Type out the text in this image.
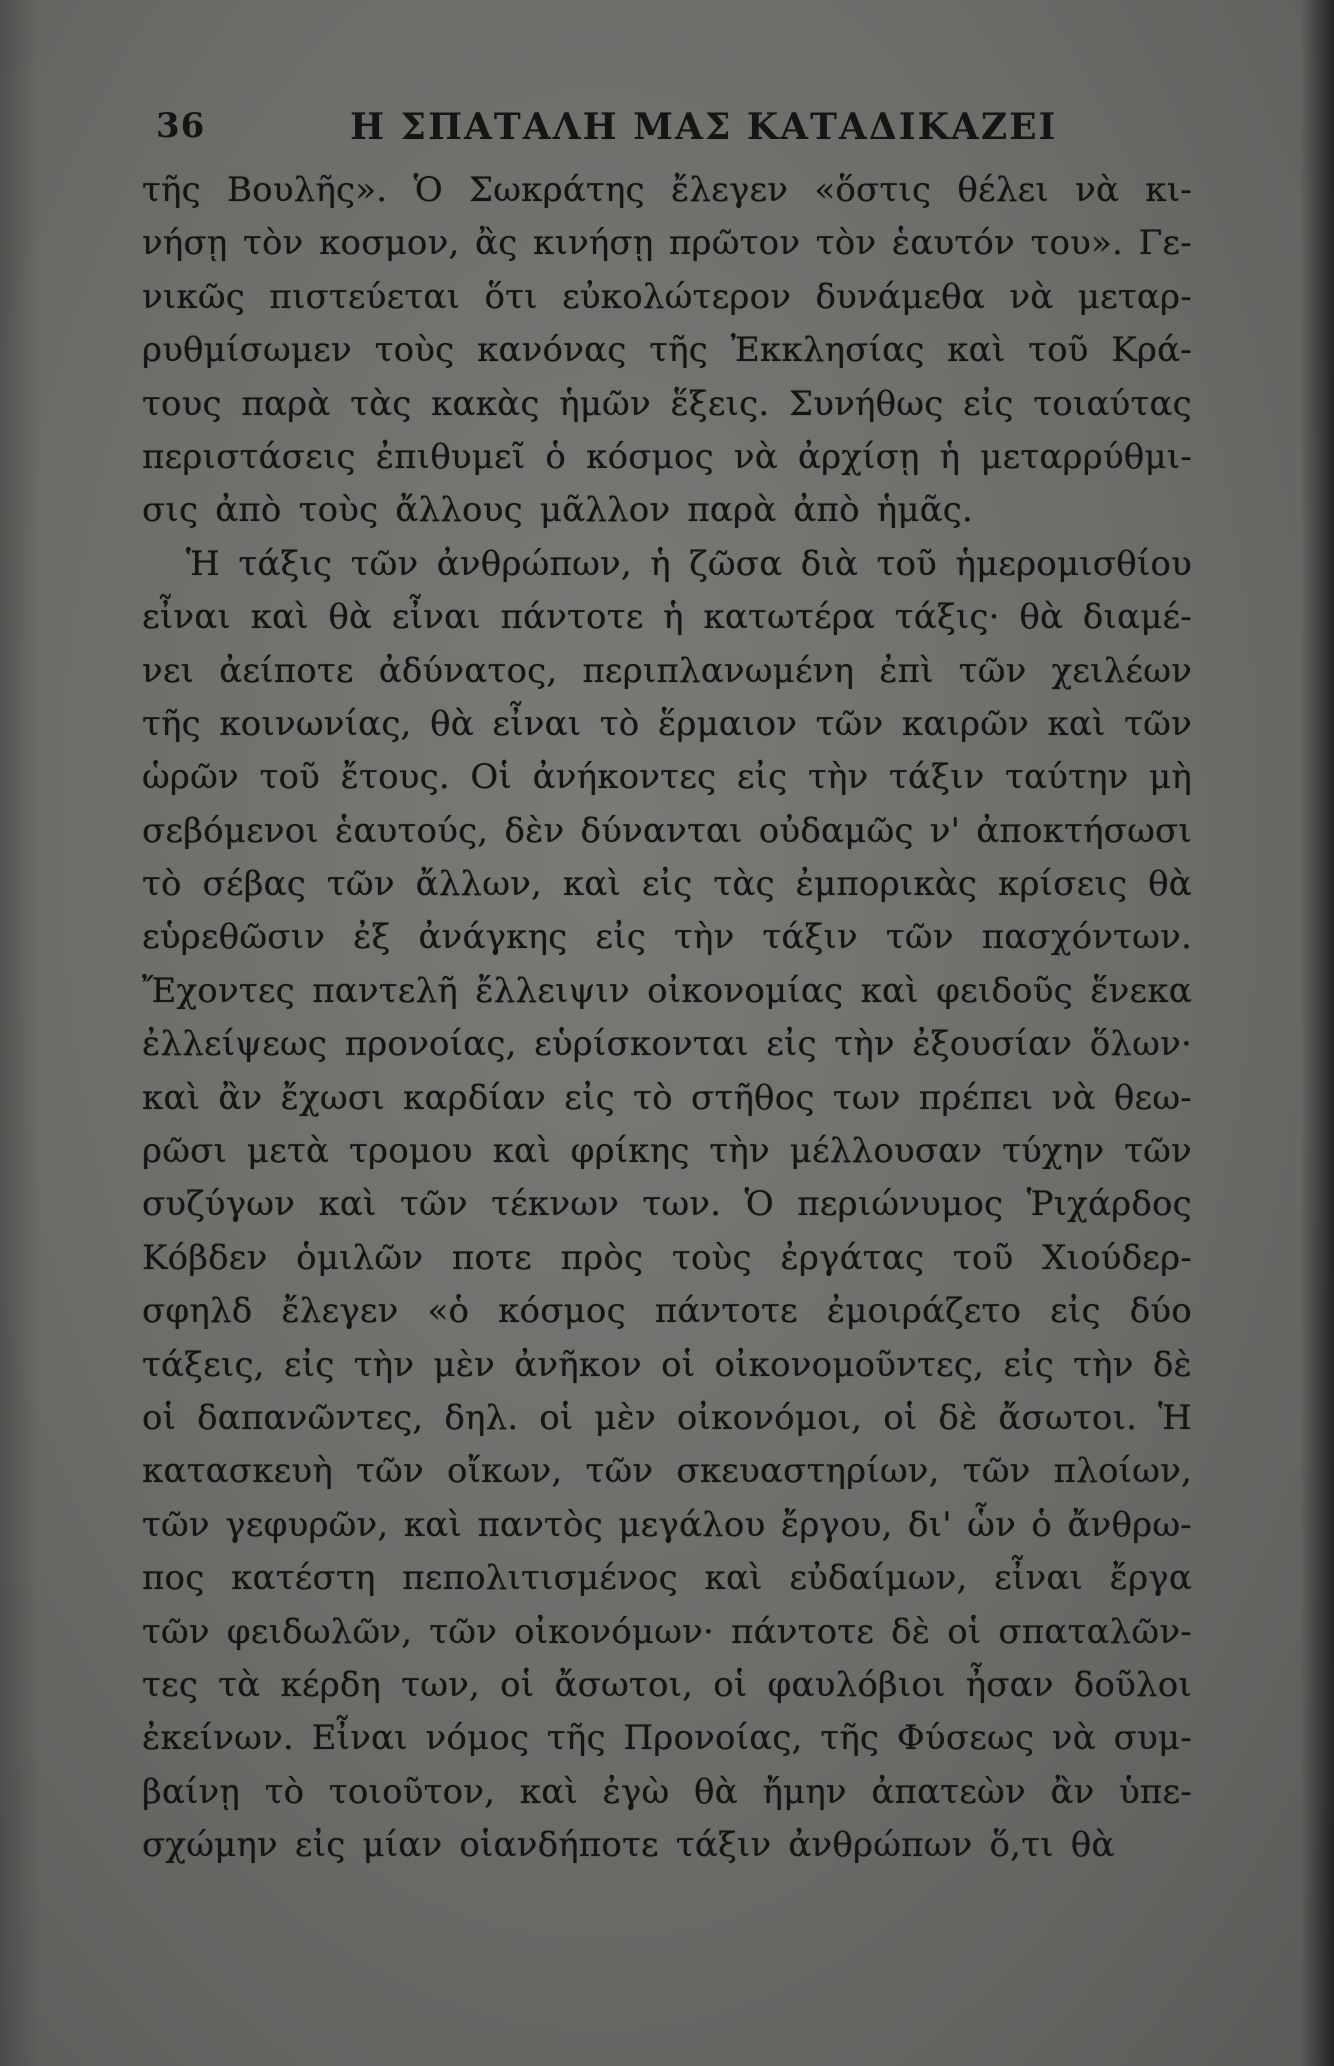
36	Η ΣΠΑΤΑΛΗ ΜΑΣ ΚΑΤΑΔΙΚΑΖΕΙ
τῆς Βουλῆς». Ὁ Σωκράτης ἔλεγεν «ὅστις θέλει νὰ κι-
νήσῃ τὸν κοσμον, ἂς κινήσῃ πρῶτον τὸν ἑαυτόν του». Γε-
νικῶς πιστεύεται ὅτι εὐκολώτερον δυνάμεθα νὰ μεταρ-
ρυθμίσωμεν τοὺς κανόνας τῆς Ἐκκλησίας καὶ τοῦ Κρά-
τους παρὰ τὰς κακὰς ἡμῶν ἕξεις. Συνήθως εἰς τοιαύτας
περιστάσεις ἐπιθυμεῖ ὁ κόσμος νὰ ἀρχίσῃ ἡ μεταρρύθμι-
σις ἀπὸ τοὺς ἄλλους μᾶλλον παρὰ ἀπὸ ἡμᾶς.
Ἡ τάξις τῶν ἀνθρώπων, ἡ ζῶσα διὰ τοῦ ἡμερομισθίου
εἶναι καὶ θὰ εἶναι πάντοτε ἡ κατωτέρα τάξις· θὰ διαμέ-
νει ἀείποτε ἀδύνατος, περιπλανωμένη ἐπὶ τῶν χειλέων
τῆς κοινωνίας, θὰ εἶναι τὸ ἕρμαιον τῶν καιρῶν καὶ τῶν
ὡρῶν τοῦ ἔτους. Οἱ ἀνήκοντες εἰς τὴν τάξιν ταύτην μὴ
σεβόμενοι ἑαυτούς, δὲν δύνανται οὐδαμῶς ν' ἀποκτήσωσι
τὸ σέβας τῶν ἄλλων, καὶ εἰς τὰς ἐμπορικὰς κρίσεις θὰ
εὑρεθῶσιν ἐξ ἀνάγκης εἰς τὴν τάξιν τῶν πασχόντων.
Ἔχοντες παντελῆ ἔλλειψιν οἰκονομίας καὶ φειδοῦς ἕνεκα
ἐλλείψεως προνοίας, εὑρίσκονται εἰς τὴν ἐξουσίαν ὅλων·
καὶ ἂν ἔχωσι καρδίαν εἰς τὸ στῆθος των πρέπει νὰ θεω-
ρῶσι μετὰ τρομου καὶ φρίκης τὴν μέλλουσαν τύχην τῶν
συζύγων καὶ τῶν τέκνων των. Ὁ περιώνυμος Ῥιχάρδος
Κόβδεν ὁμιλῶν ποτε πρὸς τοὺς ἐργάτας τοῦ Χιούδερ-
σφηλδ ἔλεγεν «ὁ κόσμος πάντοτε ἐμοιράζετο εἰς δύο
τάξεις, εἰς τὴν μὲν ἀνῆκον οἱ οἰκονομοῦντες, εἰς τὴν δὲ
οἱ δαπανῶντες, δηλ. οἱ μὲν οἰκονόμοι, οἱ δὲ ἄσωτοι. Ἡ
κατασκευὴ τῶν οἴκων, τῶν σκευαστηρίων, τῶν πλοίων,
τῶν γεφυρῶν, καὶ παντὸς μεγάλου ἔργου, δι' ὧν ὁ ἄνθρω-
πος κατέστη πεπολιτισμένος καὶ εὐδαίμων, εἶναι ἔργα
τῶν φειδωλῶν, τῶν οἰκονόμων· πάντοτε δὲ οἱ σπαταλῶν-
τες τὰ κέρδη των, οἱ ἄσωτοι, οἱ φαυλόβιοι ἦσαν δοῦλοι
ἐκείνων. Εἶναι νόμος τῆς Προνοίας, τῆς Φύσεως νὰ συμ-
βαίνῃ τὸ τοιοῦτον, καὶ ἐγὼ θὰ ἤμην ἀπατεὼν ἂν ὑπε-
σχώμην εἰς μίαν οἱανδήποτε τάξιν ἀνθρώπων ὅ,τι θὰ
